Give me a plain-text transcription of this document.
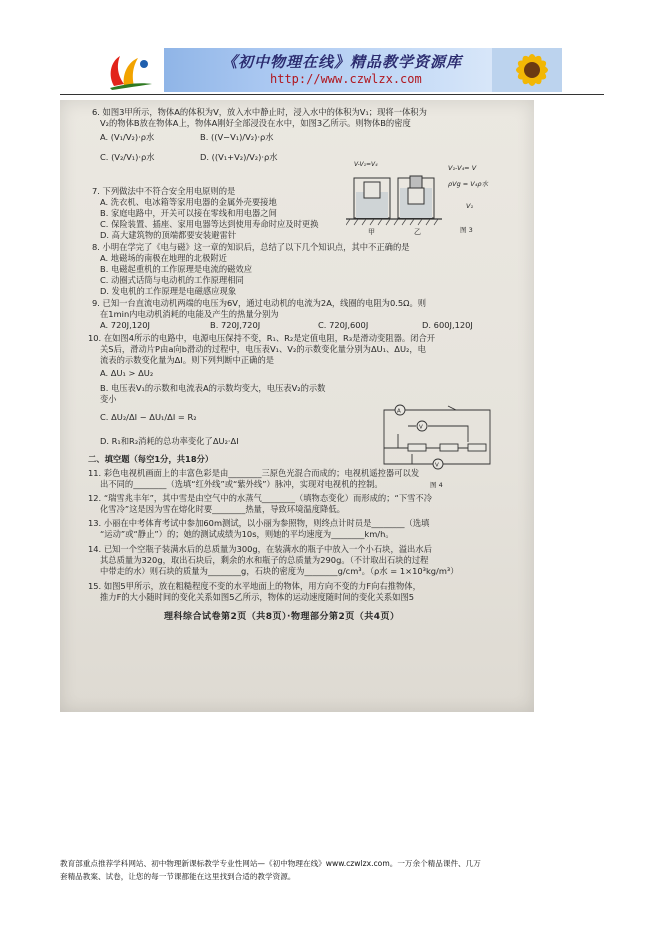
《初中物理在线》精品教学资源库
http://www.czwlzx.com
6. 如图3甲所示，物体A的体积为V，放入水中静止时，浸入水中的体积为V₁；现将一体积为
V₂的物体B放在物体A上，物体A刚好全部浸没在水中，如图3乙所示。则物体B的密度
A. (V₁/V₂)·ρ水	B. ((V−V₁)/V₂)·ρ水
C. (V₂/V₁)·ρ水	D. ((V₁+V₂)/V₂)·ρ水
甲	乙
V-V₁=V₄	V₁-V₄= V
ρVg = V₄ρ水
V₁
图 3
7. 下列做法中不符合安全用电原则的是
A. 洗衣机、电冰箱等家用电器的金属外壳要接地
B. 家庭电路中，开关可以接在零线和用电器之间
C. 保险装置、插座、家用电器等达到使用寿命时应及时更换
D. 高大建筑物的顶端都要安装避雷针
8. 小明在学完了《电与磁》这一章的知识后，总结了以下几个知识点，其中不正确的是
A. 地磁场的南极在地理的北极附近
B. 电磁起重机的工作原理是电流的磁效应
C. 动圈式话筒与电动机的工作原理相同
D. 发电机的工作原理是电磁感应现象
9. 已知一台直流电动机两端的电压为6V，通过电动机的电流为2A，线圈的电阻为0.5Ω。则
在1min内电动机消耗的电能及产生的热量分别为
A. 720J,120J	B. 720J,720J	C. 720J,600J	D. 600J,120J
10. 在如图4所示的电路中，电源电压保持不变，R₁、R₂是定值电阻，R₃是滑动变阻器。闭合开
关S后，滑动片P由a向b滑动的过程中，电压表V₁、V₂的示数变化量分别为ΔU₁、ΔU₂，电
流表的示数变化量为ΔI。则下列判断中正确的是
A. ΔU₁ > ΔU₂
B. 电压表V₁的示数和电流表A的示数均变大，电压表V₂的示数
变小
C. ΔU₂/ΔI − ΔU₁/ΔI = R₂
D. R₁和R₂消耗的总功率变化了ΔU₂·ΔI
A
V
V
图 4
二、填空题（每空1分，共18分）
11. 彩色电视机画面上的丰富色彩是由________三原色光混合而成的；电视机遥控器可以发
出不同的________（选填“红外线”或“紫外线”）脉冲，实现对电视机的控制。
12. “瑞雪兆丰年”，其中雪是由空气中的水蒸气________（填物态变化）而形成的；“下雪不冷
化雪冷”这是因为雪在熔化时要________热量，导致环境温度降低。
13. 小丽在中考体育考试中参加60m测试，以小丽为参照物，则终点计时员是________（选填
“运动”或“静止”）的；她的测试成绩为10s，则她的平均速度为________km/h。
14. 已知一个空瓶子装满水后的总质量为300g，在装满水的瓶子中放入一个小石块，溢出水后
其总质量为320g，取出石块后，剩余的水和瓶子的总质量为290g。（不计取出石块的过程
中带走的水）则石块的质量为________g，石块的密度为________g/cm³。（ρ水 = 1×10³kg/m³）
15. 如图5甲所示，放在粗糙程度不变的水平地面上的物体，用方向不变的力F向右推物体，
推力F的大小随时间的变化关系如图5乙所示，物体的运动速度随时间的变化关系如图5
理科综合试卷第2页（共8页）·物理部分第2页（共4页）
教育部重点推荐学科网站、初中物理新课标教学专业性网站—《初中物理在线》www.czwlzx.com。一万余个精品课件、几万
套精品教案、试卷，让您的每一节课都能在这里找到合适的教学资源。
